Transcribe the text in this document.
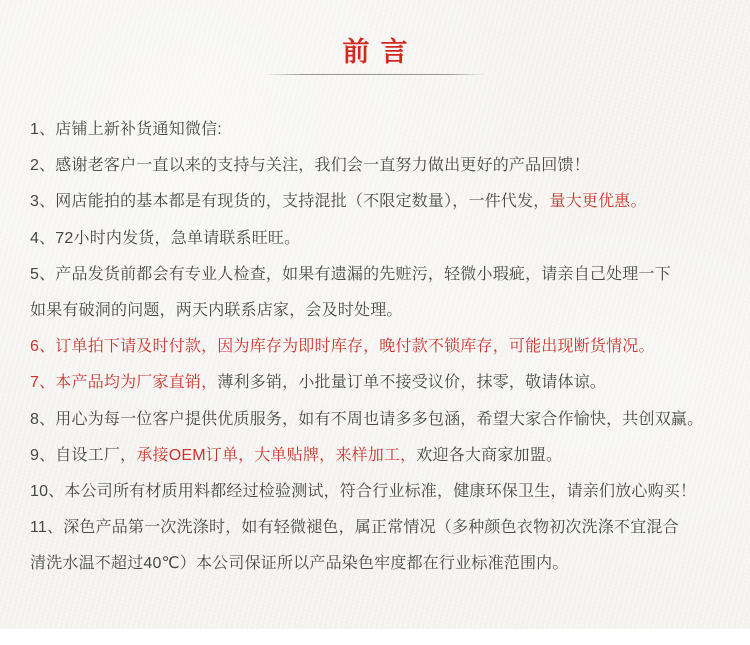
前言
1、店铺上新补货通知微信:
2、感谢老客户一直以来的支持与关注，我们会一直努力做出更好的产品回馈！
3、网店能拍的基本都是有现货的，支持混批（不限定数量），一件代发，量大更优惠。
4、72小时内发货，急单请联系旺旺。
5、产品发货前都会有专业人检查，如果有遗漏的先赃污，轻微小瑕疵，请亲自己处理一下
如果有破洞的问题，两天内联系店家，会及时处理。
6、订单拍下请及时付款，因为库存为即时库存，晚付款不锁库存，可能出现断货情况。
7、本产品均为厂家直销，薄利多销，小批量订单不接受议价，抹零，敬请体谅。
8、用心为每一位客户提供优质服务，如有不周也请多多包涵，希望大家合作愉快，共创双赢。
9、自设工厂，承接OEM订单，大单贴牌，来样加工，欢迎各大商家加盟。
10、本公司所有材质用料都经过检验测试，符合行业标准，健康环保卫生，请亲们放心购买！
11、深色产品第一次洗涤时，如有轻微褪色，属正常情况（多种颜色衣物初次洗涤不宜混合
清洗水温不超过40℃）本公司保证所以产品染色牢度都在行业标准范围内。
